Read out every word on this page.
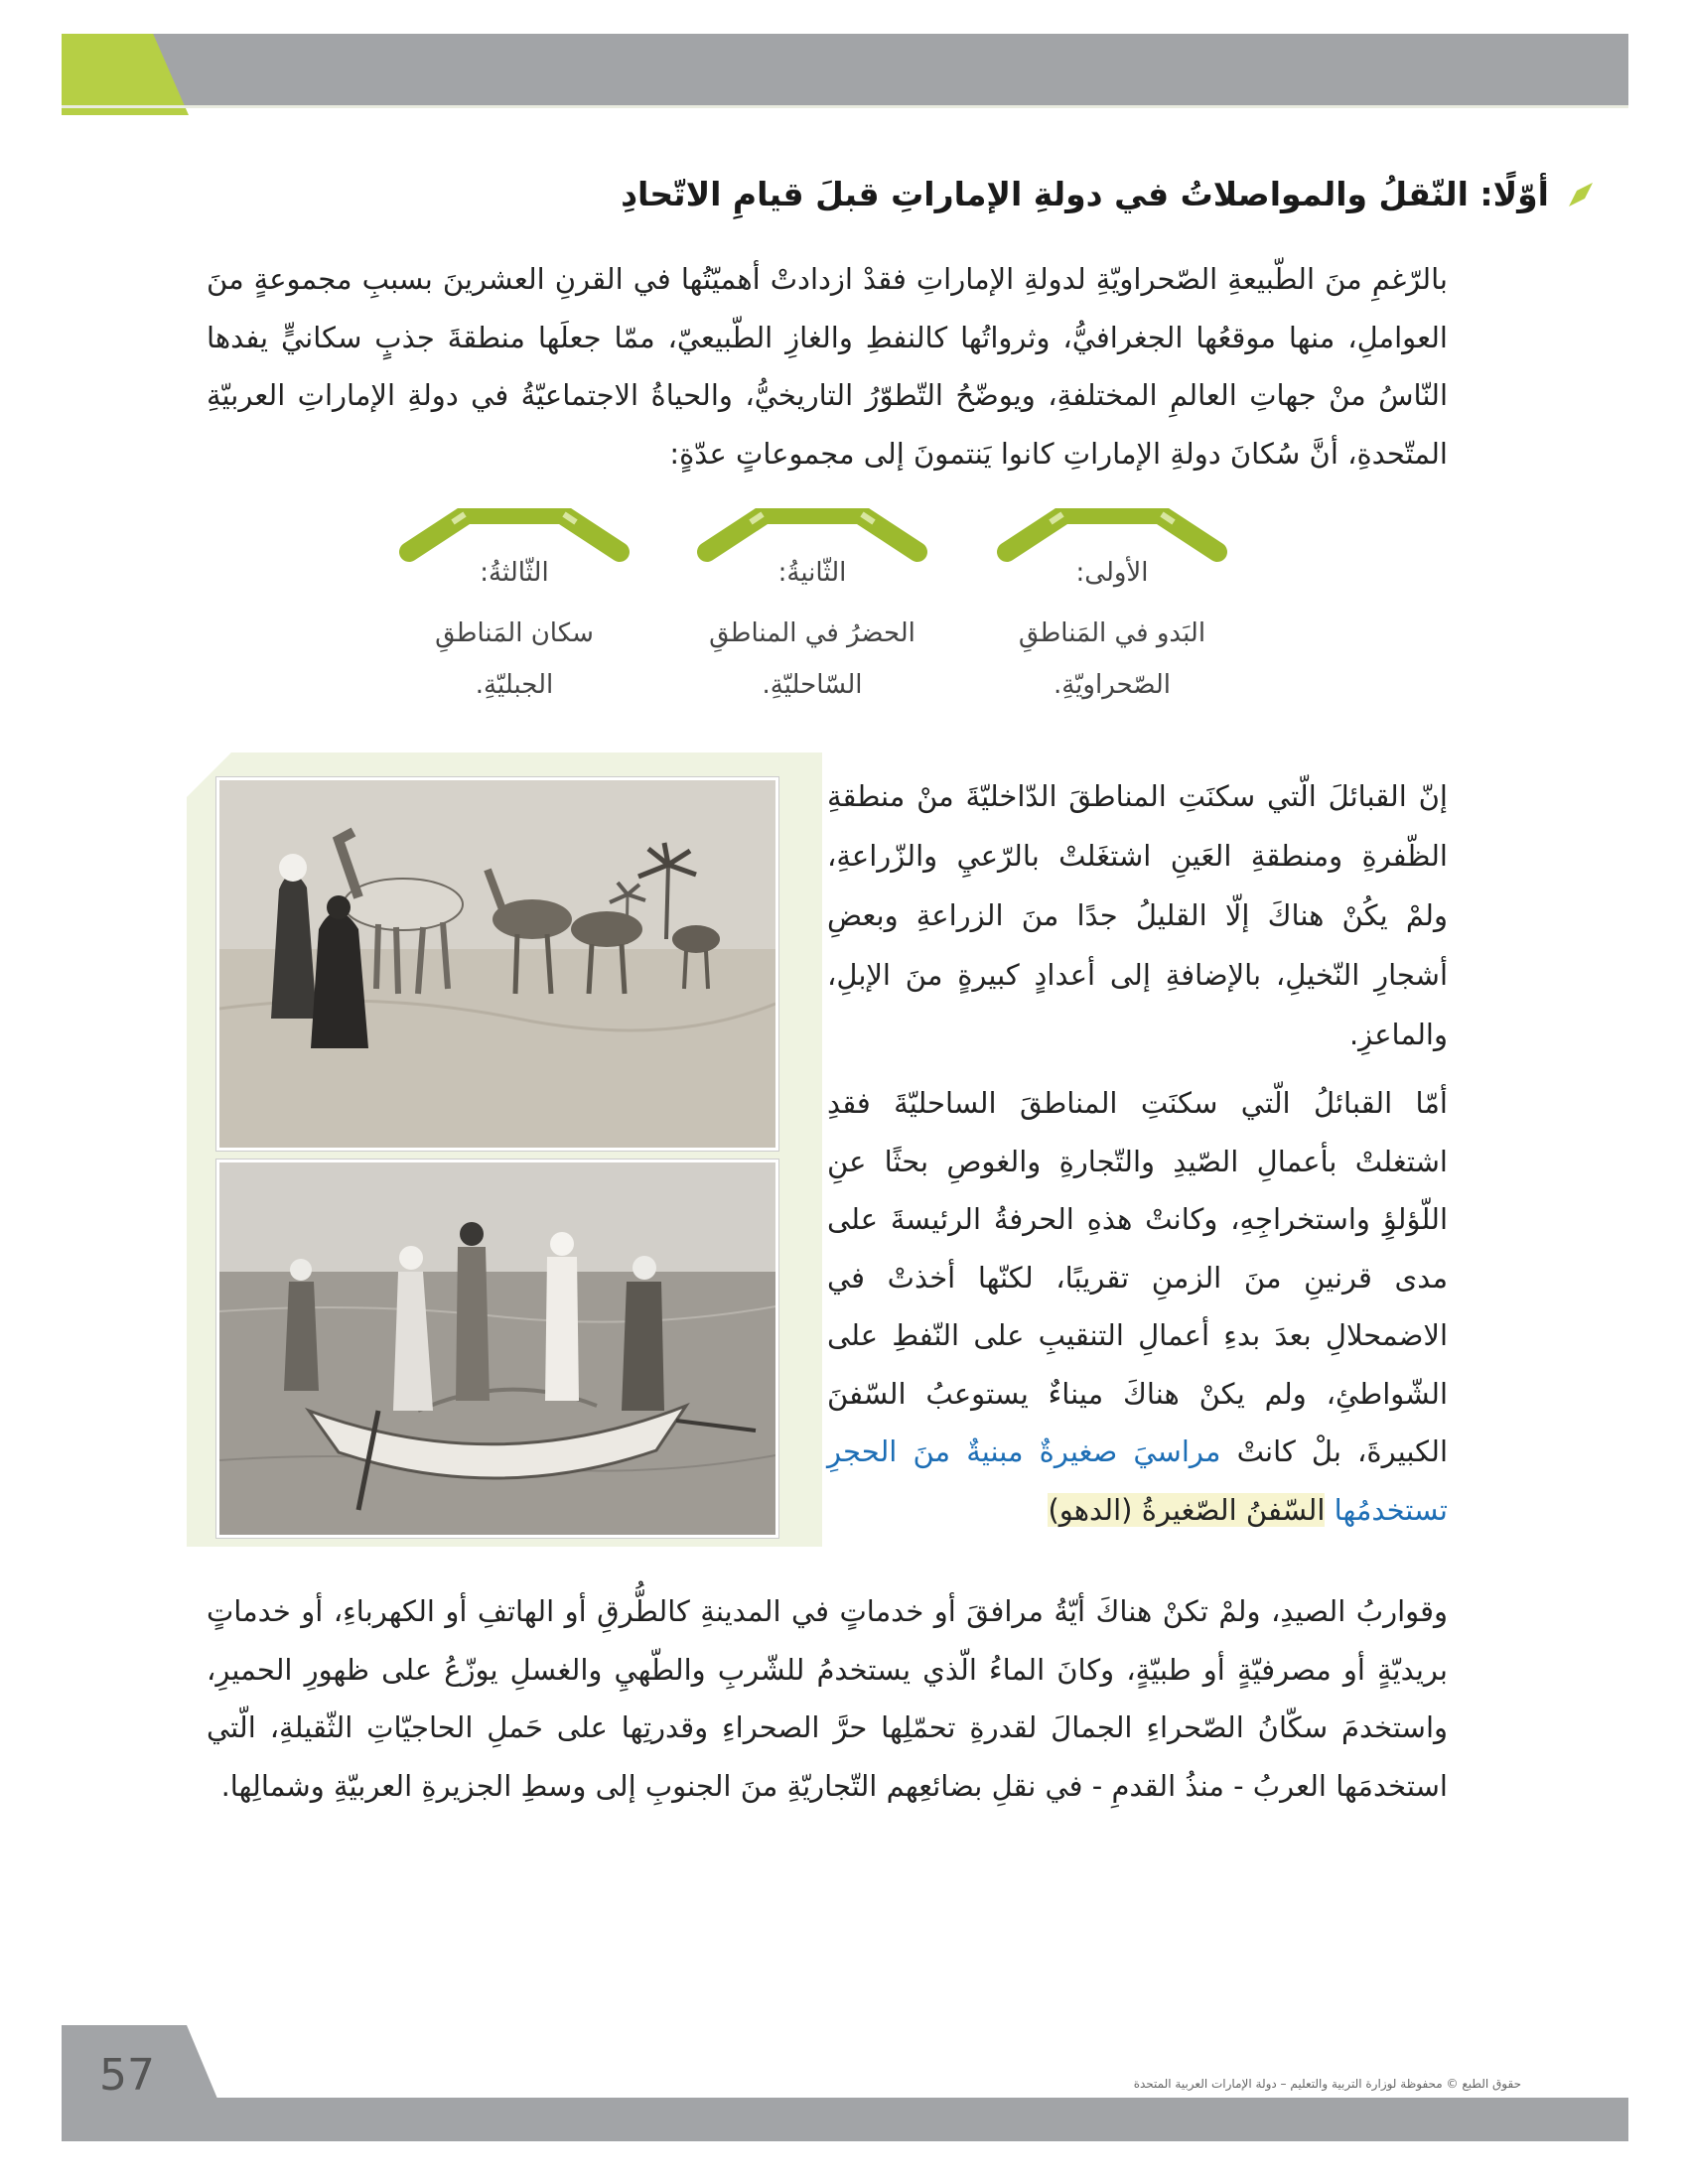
أوّلًا: النّقلُ والمواصلاتُ في دولةِ الإماراتِ قبلَ قيامِ الاتّحادِ

بالرّغمِ منَ الطّبيعةِ الصّحراويّةِ لدولةِ الإماراتِ فقدْ ازدادتْ أهميّتُها في القرنِ العشرينَ بسببِ مجموعةٍ منَ العواملِ، منها موقعُها الجغرافيُّ، وثرواتُها كالنفطِ والغازِ الطّبيعيّ، ممّا جعلَها منطقةَ جذبٍ سكانيٍّ يفدها النّاسُ منْ جهاتِ العالمِ المختلفةِ، ويوضّحُ التّطوّرُ التاريخيُّ، والحياةُ الاجتماعيّةُ في دولةِ الإماراتِ العربيّةِ المتّحدةِ، أنَّ سُكانَ دولةِ الإماراتِ كانوا يَنتمونَ إلى مجموعاتٍ عدّةٍ:

الأولى:
البَدو في المَناطقِ
الصّحراويّةِ.
الثّانيةُ:
الحضرُ في المناطقِ
السّاحليّةِ.
الثّالثةُ:
سكان المَناطقِ
الجبليّةِ.

إنّ القبائلَ الّتي سكنَتِ المناطقَ الدّاخليّةَ منْ منطقةِ الظّفرةِ ومنطقةِ العَينِ اشتغَلتْ بالرّعيِ والزّراعةِ، ولمْ يكُنْ هناكَ إلّا القليلُ جدًا منَ الزراعةِ وبعضِ أشجارِ النّخيلِ، بالإضافةِ إلى أعدادٍ كبيرةٍ منَ الإبلِ، والماعزِ.

أمّا القبائلُ الّتي سكنَتِ المناطقَ الساحليّةَ فقدِ اشتغلتْ بأعمالِ الصّيدِ والتّجارةِ والغوصِ بحثًا عنِ اللّؤلؤِ واستخراجِهِ، وكانتْ هذهِ الحرفةُ الرئيسةَ على مدى قرنينِ منَ الزمنِ تقريبًا، لكنّها أخذتْ في الاضمحلالِ بعدَ بدءِ أعمالِ التنقيبِ على النّفطِ على الشّواطئِ، ولم يكنْ هناكَ ميناءٌ يستوعبُ السّفنَ الكبيرةَ، بلْ كانتْ مراسيَ صغيرةٌ مبنيةٌ منَ الحجرِ تستخدمُها السّفنُ الصّغيرةُ (الدهو)

وقواربُ الصيدِ، ولمْ تكنْ هناكَ أيّةُ مرافقَ أو خدماتٍ في المدينةِ كالطُّرقِ أو الهاتفِ أو الكهرباءِ، أو خدماتٍ بريديّةٍ أو مصرفيّةٍ أو طبيّةٍ، وكانَ الماءُ الّذي يستخدمُ للشّربِ والطّهيِ والغسلِ يوزّعُ على ظهورِ الحميرِ، واستخدمَ سكّانُ الصّحراءِ الجمالَ لقدرةِ تحمّلِها حرَّ الصحراءِ وقدرتِها على حَملِ الحاجيّاتِ الثّقيلةِ، الّتي استخدمَها العربُ - منذُ القدمِ - في نقلِ بضائعِهم التّجاريّةِ منَ الجنوبِ إلى وسطِ الجزيرةِ العربيّةِ وشمالِها.

57	حقوق الطبع © محفوظة لوزارة التربية والتعليم – دولة الإمارات العربية المتحدة
